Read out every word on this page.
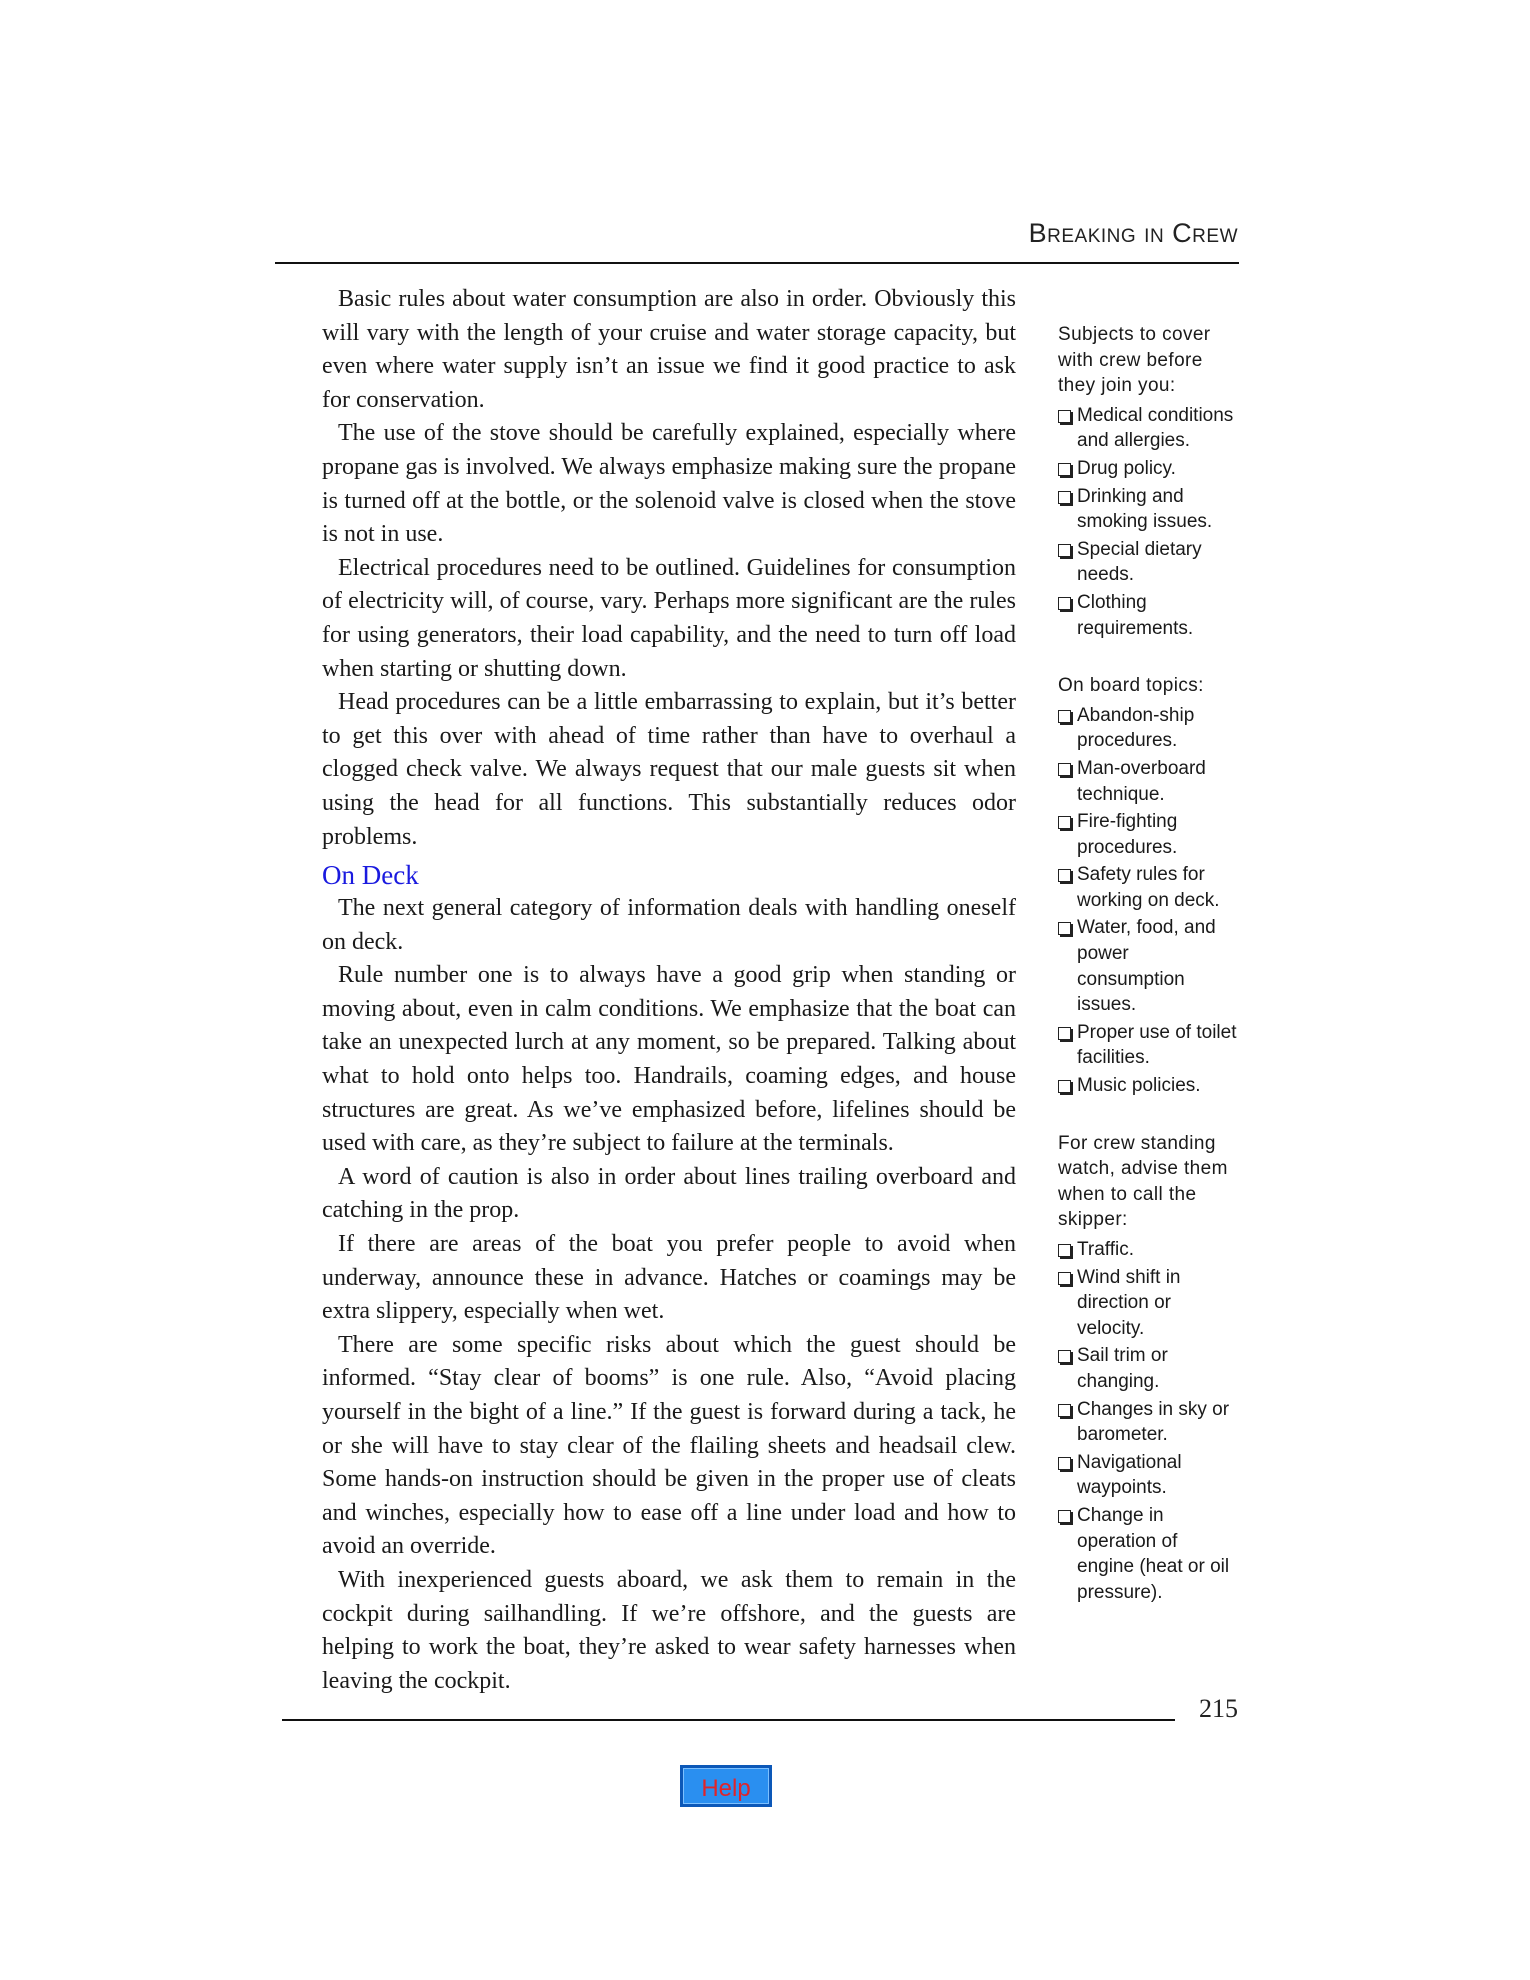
Breaking in Crew

Basic rules about water consumption are also in order. Obviously this will vary with the length of your cruise and water storage capacity, but even where water supply isn’t an issue we find it good practice to ask for conservation.

The use of the stove should be carefully explained, especially where propane gas is involved. We always emphasize making sure the propane is turned off at the bottle, or the solenoid valve is closed when the stove is not in use.

Electrical procedures need to be outlined. Guidelines for consumption of electricity will, of course, vary. Perhaps more significant are the rules for using generators, their load capability, and the need to turn off load when starting or shutting down.

Head procedures can be a little embarrassing to explain, but it’s better to get this over with ahead of time rather than have to overhaul a clogged check valve. We always request that our male guests sit when using the head for all functions. This substantially reduces odor problems.

On Deck

The next general category of information deals with handling oneself on deck.

Rule number one is to always have a good grip when standing or moving about, even in calm conditions. We emphasize that the boat can take an unexpected lurch at any moment, so be prepared. Talking about what to hold onto helps too. Handrails, coaming edges, and house structures are great. As we’ve emphasized before, lifelines should be used with care, as they’re subject to failure at the terminals.

A word of caution is also in order about lines trailing overboard and catching in the prop.

If there are areas of the boat you prefer people to avoid when underway, announce these in advance. Hatches or coamings may be extra slippery, especially when wet.

There are some specific risks about which the guest should be informed. “Stay clear of booms” is one rule. Also, “Avoid placing yourself in the bight of a line.” If the guest is forward during a tack, he or she will have to stay clear of the flailing sheets and headsail clew. Some hands-on instruction should be given in the proper use of cleats and winches, especially how to ease off a line under load and how to avoid an override.

With inexperienced guests aboard, we ask them to remain in the cockpit during sailhandling. If we’re offshore, and the guests are helping to work the boat, they’re asked to wear safety harnesses when leaving the cockpit.

Subjects to cover with crew before they join you:

Medical conditions and allergies.
Drug policy.
Drinking and smoking issues.
Special dietary needs.
Clothing requirements.

On board topics:

Abandon-ship procedures.
Man-overboard technique.
Fire-fighting procedures.
Safety rules for working on deck.
Water, food, and power consumption issues.
Proper use of toilet facilities.
Music policies.

For crew standing watch, advise them when to call the skipper:

Traffic.
Wind shift in direction or velocity.
Sail trim or changing.
Changes in sky or barometer.
Navigational waypoints.
Change in operation of engine (heat or oil pressure).
215
Help
